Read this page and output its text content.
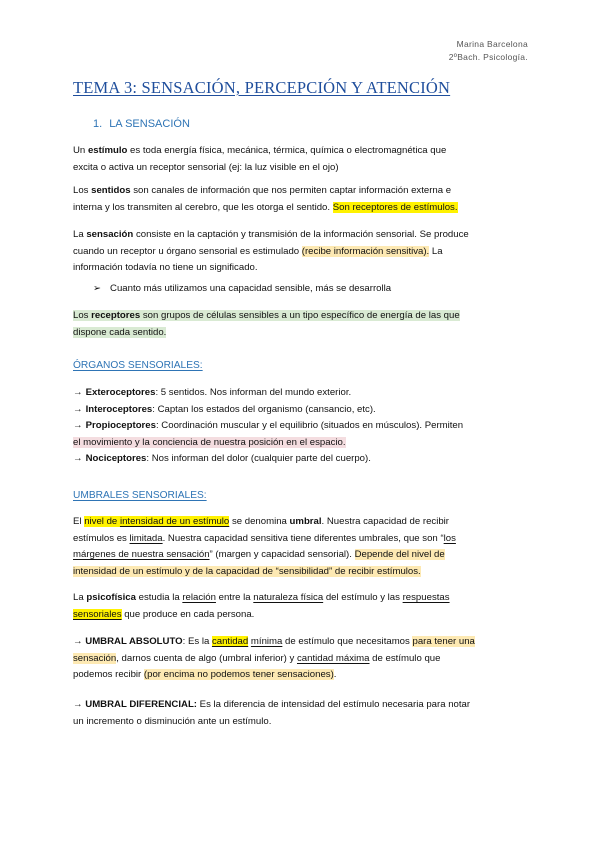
Marina Barcelona
2ºBach. Psicología.
TEMA 3: SENSACIÓN, PERCEPCIÓN Y ATENCIÓN
1. LA SENSACIÓN
Un estímulo es toda energía física, mecánica, térmica, química o electromagnética que
excita o activa un receptor sensorial (ej: la luz visible en el ojo)
Los sentidos son canales de información que nos permiten captar información externa e
interna y los transmiten al cerebro, que les otorga el sentido. Son receptores de estímulos.
La sensación consiste en la captación y transmisión de la información sensorial. Se produce
cuando un receptor u órgano sensorial es estimulado (recibe información sensitiva). La
información todavía no tiene un significado.
➢ Cuanto más utilizamos una capacidad sensible, más se desarrolla
Los receptores son grupos de células sensibles a un tipo específico de energía de las que
dispone cada sentido.
ÓRGANOS SENSORIALES:
→ Exteroceptores: 5 sentidos. Nos informan del mundo exterior.
→ Interoceptores: Captan los estados del organismo (cansancio, etc).
→ Propioceptores: Coordinación muscular y el equilibrio (situados en músculos). Permiten
el movimiento y la conciencia de nuestra posición en el espacio.
→ Nociceptores: Nos informan del dolor (cualquier parte del cuerpo).
UMBRALES SENSORIALES:
El nivel de intensidad de un estímulo se denomina umbral. Nuestra capacidad de recibir
estímulos es limitada. Nuestra capacidad sensitiva tiene diferentes umbrales, que son “los
márgenes de nuestra sensación” (margen y capacidad sensorial). Depende del nivel de
intensidad de un estímulo y de la capacidad de “sensibilidad” de recibir estímulos.
La psicofísica estudia la relación entre la naturaleza física del estímulo y las respuestas
sensoriales que produce en cada persona.
→ UMBRAL ABSOLUTO: Es la cantidad mínima de estímulo que necesitamos para tener una
sensación, darnos cuenta de algo (umbral inferior) y cantidad máxima de estímulo que
podemos recibir (por encima no podemos tener sensaciones).
→ UMBRAL DIFERENCIAL: Es la diferencia de intensidad del estímulo necesaria para notar
un incremento o disminución ante un estímulo.
